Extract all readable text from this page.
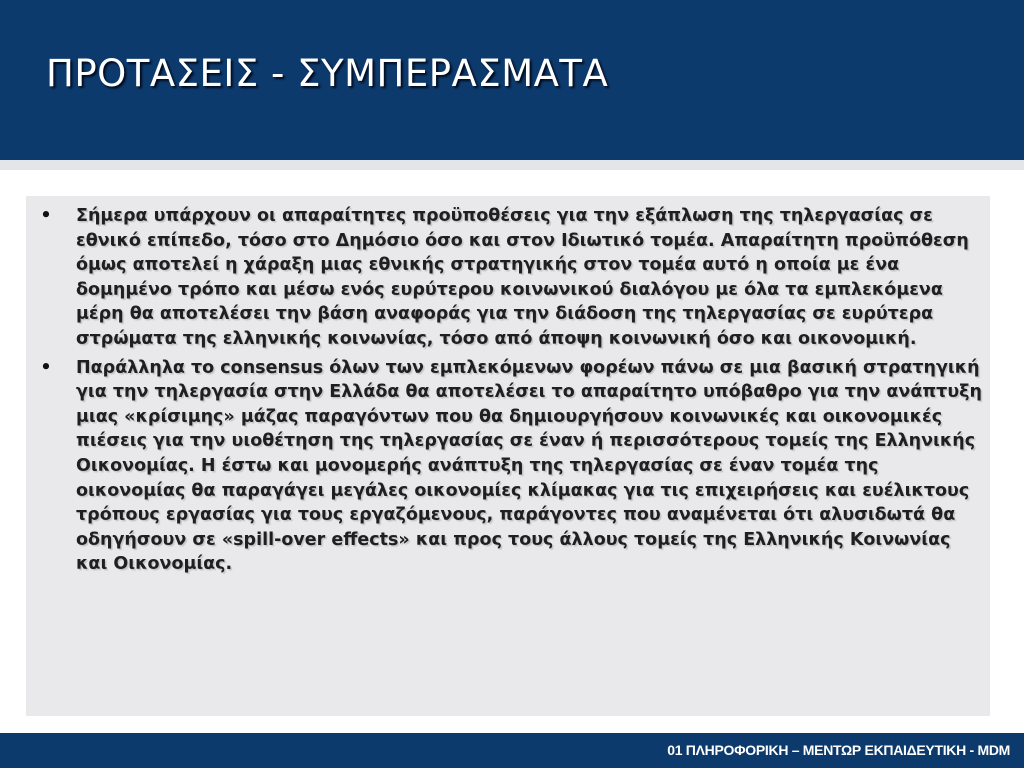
ΠΡΟΤΑΣΕΙΣ - ΣΥΜΠΕΡΑΣΜΑΤΑ
• Σήμερα υπάρχουν οι απαραίτητες προϋποθέσεις για την εξάπλωση της τηλεργασίας σε εθνικό επίπεδο, τόσο στο Δημόσιο όσο και στον Ιδιωτικό τομέα. Απαραίτητη προϋπόθεση όμως αποτελεί η χάραξη μιας εθνικής στρατηγικής στον τομέα αυτό η οποία με ένα δομημένο τρόπο και μέσω ενός ευρύτερου κοινωνικού διαλόγου με όλα τα εμπλεκόμενα μέρη θα αποτελέσει την βάση αναφοράς για την διάδοση της τηλεργασίας σε ευρύτερα στρώματα της ελληνικής κοινωνίας, τόσο από άποψη κοινωνική όσο και οικονομική.
• Παράλληλα το consensus όλων των εμπλεκόμενων φορέων πάνω σε μια βασική στρατηγική για την τηλεργασία στην Ελλάδα θα αποτελέσει το απαραίτητο υπόβαθρο για την ανάπτυξη μιας «κρίσιμης» μάζας παραγόντων που θα δημιουργήσουν κοινωνικές και οικονομικές πιέσεις για την υιοθέτηση της τηλεργασίας σε έναν ή περισσότερους τομείς της Ελληνικής Οικονομίας. Η έστω και μονομερής ανάπτυξη της τηλεργασίας σε έναν τομέα της οικονομίας θα παραγάγει μεγάλες οικονομίες κλίμακας για τις επιχειρήσεις και ευέλικτους τρόπους εργασίας για τους εργαζόμενους, παράγοντες που αναμένεται ότι αλυσιδωτά θα οδηγήσουν σε «spill-over effects» και προς τους άλλους τομείς της Ελληνικής Κοινωνίας και Οικονομίας.
01 ΠΛΗΡΟΦΟΡΙΚΗ – ΜΕΝΤΩΡ ΕΚΠΑΙΔΕΥΤΙΚΗ - MDM
